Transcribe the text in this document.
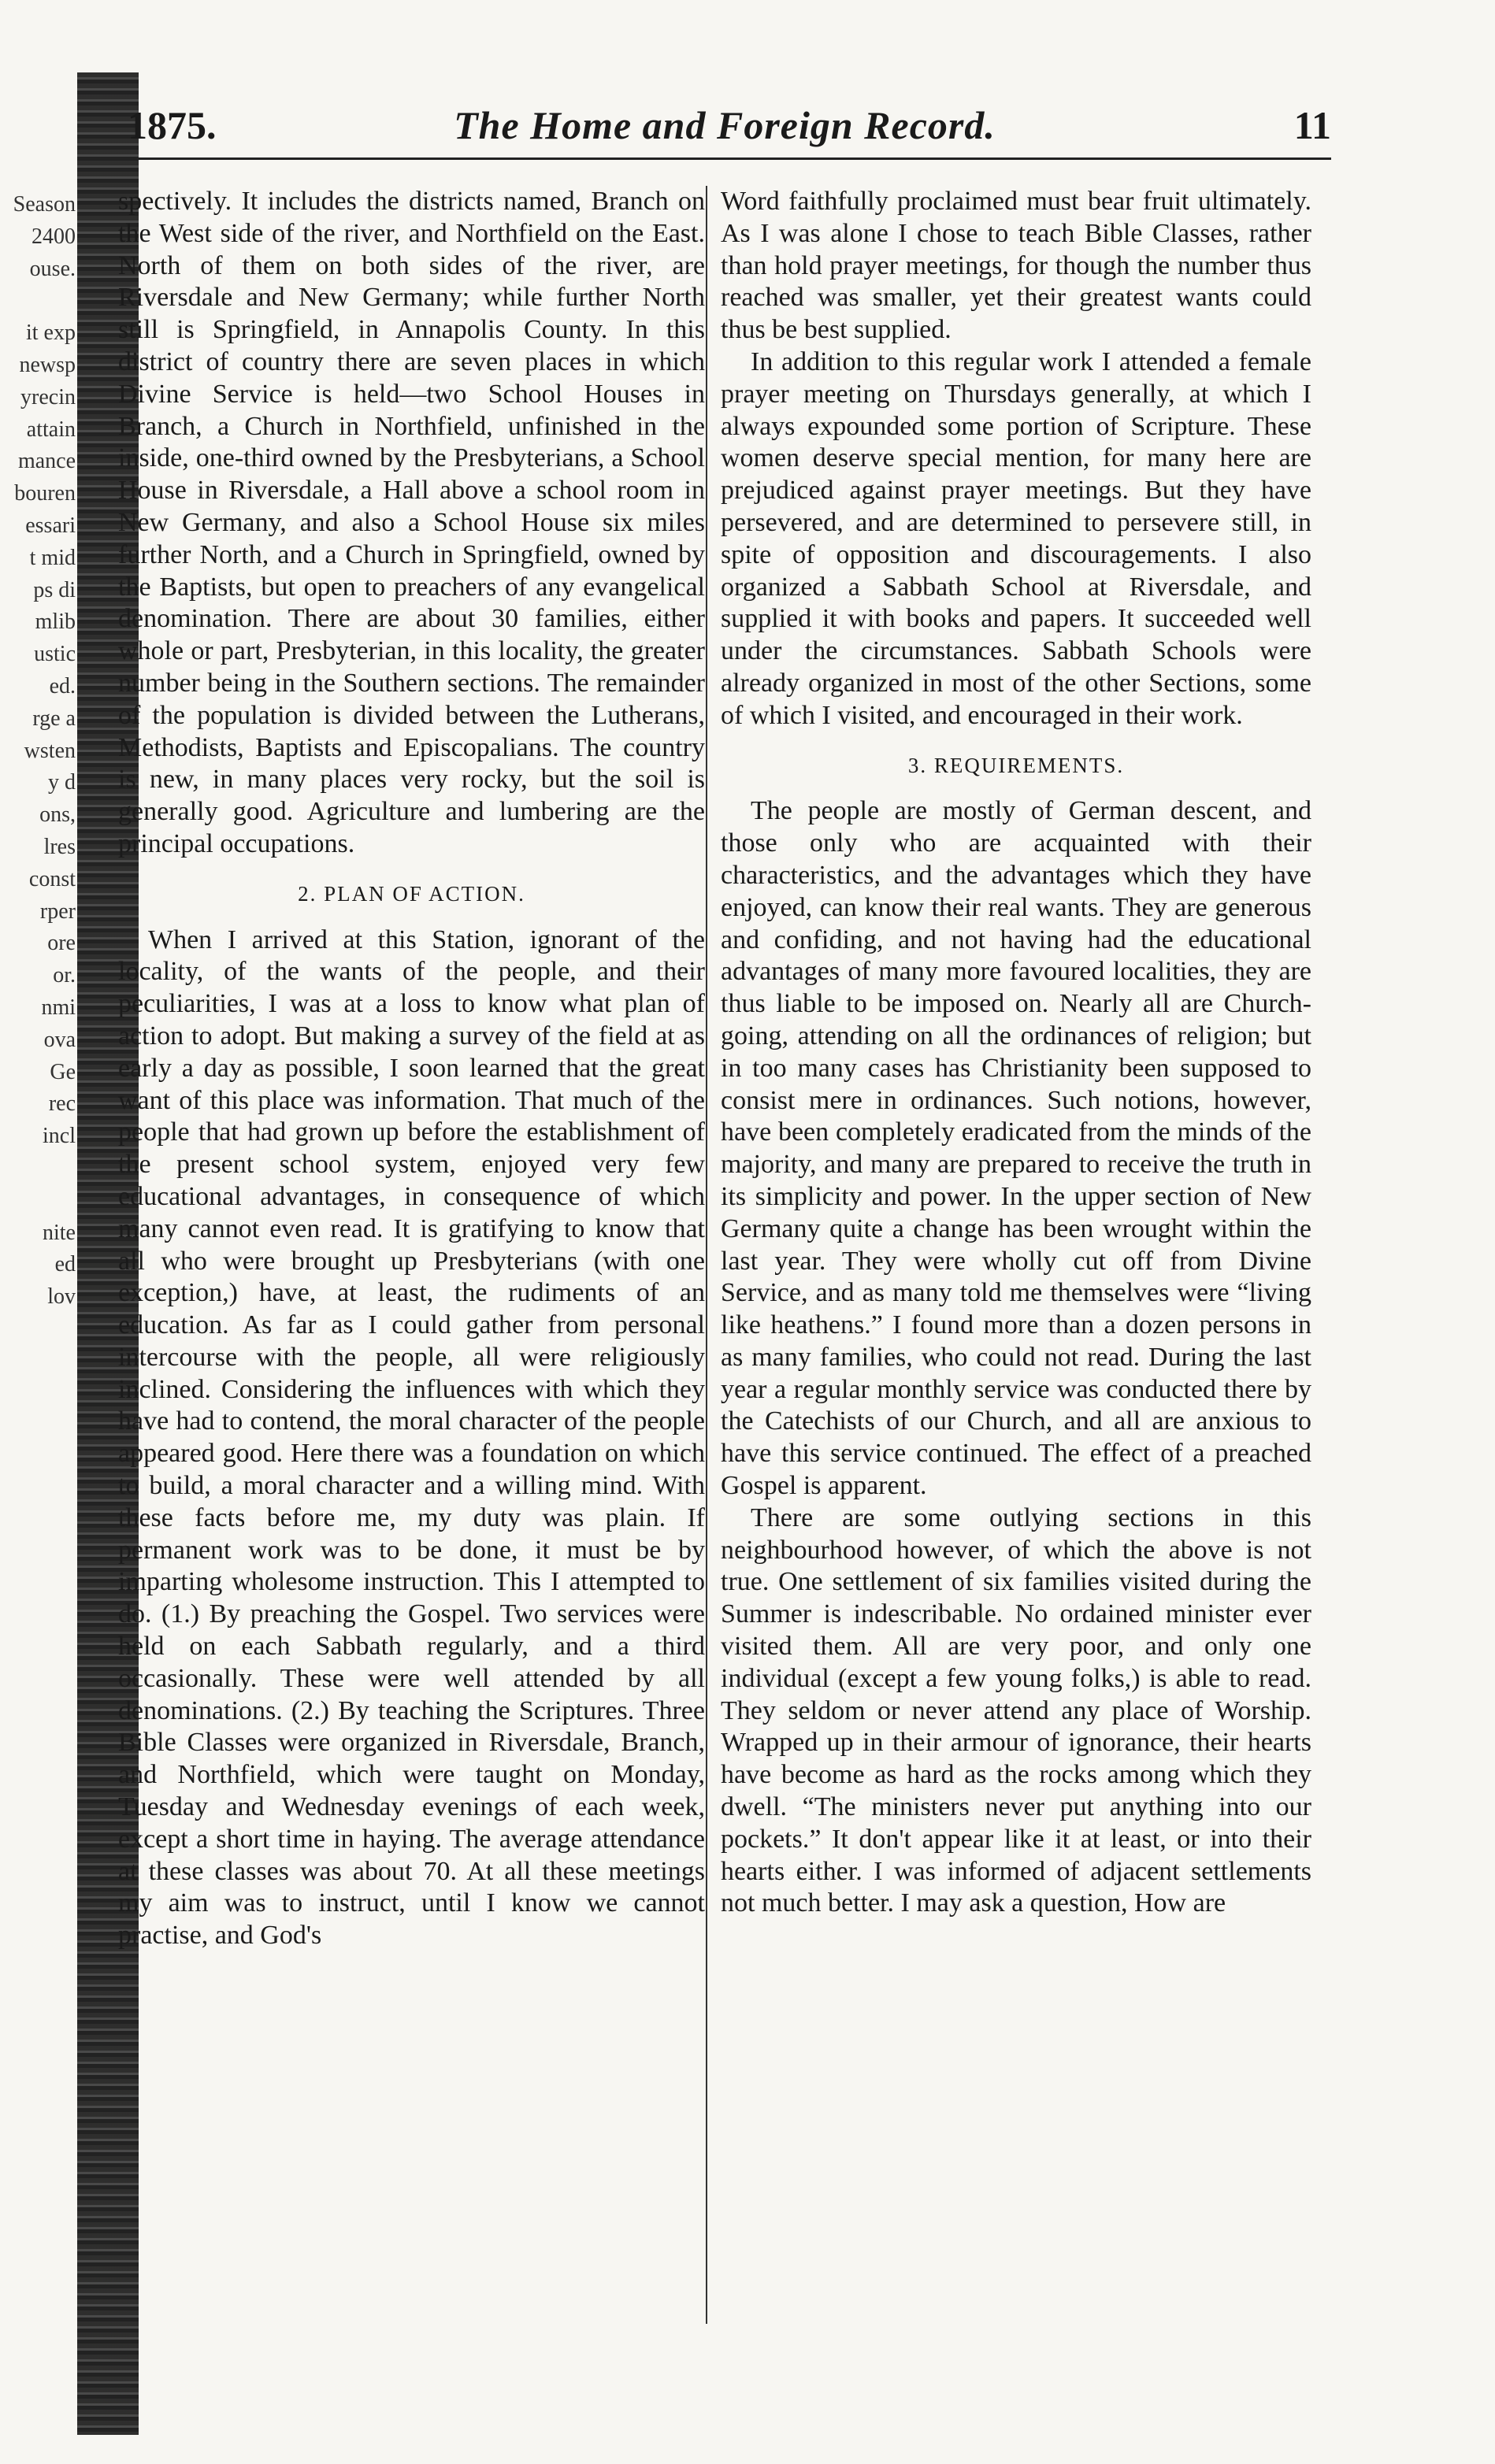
Season
2400
ouse.

it exp
newsp
yrecin
attain
mance
bouren
essari
t mid
ps di
mlib
ustic
ed.
rge a
wsten
y d
ons,
lres
const
rper
ore
or.
nmi
ova
Ge
rec
incl

nite
ed
lov
1875.	The Home and Foreign Record.	11

spectively. It includes the districts named, Branch on the West side of the river, and Northfield on the East. North of them on both sides of the river, are Riversdale and New Germany; while further North still is Springfield, in Annapolis County. In this district of country there are seven places in which Divine Service is held—two School Houses in Branch, a Church in Northfield, unfinished in the inside, one-third owned by the Presbyterians, a School House in Riversdale, a Hall above a school room in New Germany, and also a School House six miles further North, and a Church in Springfield, owned by the Baptists, but open to preachers of any evangelical denomination. There are about 30 families, either whole or part, Presbyterian, in this locality, the greater number being in the Southern sections. The remainder of the population is divided between the Lutherans, Methodists, Baptists and Episcopalians. The country is new, in many places very rocky, but the soil is generally good. Agriculture and lumbering are the principal occupations.

2. PLAN OF ACTION.

When I arrived at this Station, ignorant of the locality, of the wants of the people, and their peculiarities, I was at a loss to know what plan of action to adopt. But making a survey of the field at as early a day as possible, I soon learned that the great want of this place was information. That much of the people that had grown up before the establishment of the present school system, enjoyed very few educational advantages, in consequence of which many cannot even read. It is gratifying to know that all who were brought up Presbyterians (with one exception,) have, at least, the rudiments of an education. As far as I could gather from personal intercourse with the people, all were religiously inclined. Considering the influences with which they have had to contend, the moral character of the people appeared good. Here there was a foundation on which to build, a moral character and a willing mind. With these facts before me, my duty was plain. If permanent work was to be done, it must be by imparting wholesome instruction. This I attempted to do. (1.) By preaching the Gospel. Two services were held on each Sabbath regularly, and a third occasionally. These were well attended by all denominations. (2.) By teaching the Scriptures. Three Bible Classes were organized in Riversdale, Branch, and Northfield, which were taught on Monday, Tuesday and Wednesday evenings of each week, except a short time in haying. The average attendance at these classes was about 70. At all these meetings my aim was to instruct, until I know we cannot practise, and God's

Word faithfully proclaimed must bear fruit ultimately. As I was alone I chose to teach Bible Classes, rather than hold prayer meetings, for though the number thus reached was smaller, yet their greatest wants could thus be best supplied.

In addition to this regular work I attended a female prayer meeting on Thursdays generally, at which I always expounded some portion of Scripture. These women deserve special mention, for many here are prejudiced against prayer meetings. But they have persevered, and are determined to persevere still, in spite of opposition and discouragements. I also organized a Sabbath School at Riversdale, and supplied it with books and papers. It succeeded well under the circumstances. Sabbath Schools were already organized in most of the other Sections, some of which I visited, and encouraged in their work.

3. REQUIREMENTS.

The people are mostly of German descent, and those only who are acquainted with their characteristics, and the advantages which they have enjoyed, can know their real wants. They are generous and confiding, and not having had the educational advantages of many more favoured localities, they are thus liable to be imposed on. Nearly all are Church-going, attending on all the ordinances of religion; but in too many cases has Christianity been supposed to consist mere in ordinances. Such notions, however, have been completely eradicated from the minds of the majority, and many are prepared to receive the truth in its simplicity and power. In the upper section of New Germany quite a change has been wrought within the last year. They were wholly cut off from Divine Service, and as many told me themselves were “living like heathens.” I found more than a dozen persons in as many families, who could not read. During the last year a regular monthly service was conducted there by the Catechists of our Church, and all are anxious to have this service continued. The effect of a preached Gospel is apparent.

There are some outlying sections in this neighbourhood however, of which the above is not true. One settlement of six families visited during the Summer is indescribable. No ordained minister ever visited them. All are very poor, and only one individual (except a few young folks,) is able to read. They seldom or never attend any place of Worship. Wrapped up in their armour of ignorance, their hearts have become as hard as the rocks among which they dwell. “The ministers never put anything into our pockets.” It don't appear like it at least, or into their hearts either. I was informed of adjacent settlements not much better. I may ask a question, How are
